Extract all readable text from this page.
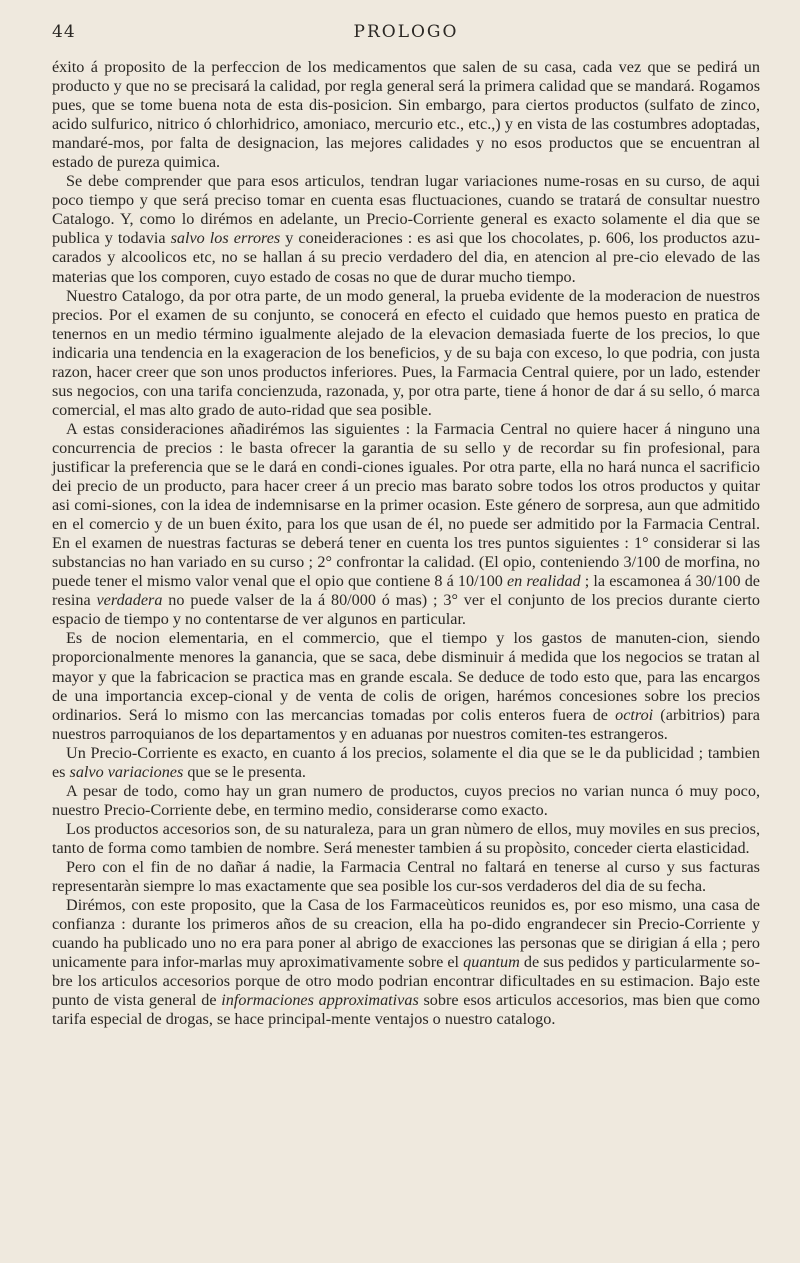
44	PROLOGO

éxito á proposito de la perfeccion de los medicamentos que salen de su casa, cada vez que se pedirá un producto y que no se precisará la calidad, por regla general será la primera calidad que se mandará. Rogamos pues, que se tome buena nota de esta dis-posicion. Sin embargo, para ciertos productos (sulfato de zinco, acido sulfurico, nitrico ó chlorhidrico, amoniaco, mercurio etc., etc.,) y en vista de las costumbres adoptadas, mandaré-mos, por falta de designacion, las mejores calidades y no esos productos que se encuentran al estado de pureza quimica.

Se debe comprender que para esos articulos, tendran lugar variaciones nume-rosas en su curso, de aqui poco tiempo y que será preciso tomar en cuenta esas fluctuaciones, cuando se tratará de consultar nuestro Catalogo. Y, como lo dirémos en adelante, un Precio-Corriente general es exacto solamente el dia que se publica y todavia salvo los errores y coneideraciones : es asi que los chocolates, p. 606, los productos azu-carados y alcoolicos etc, no se hallan á su precio verdadero del dia, en atencion al pre-cio elevado de las materias que los comporen, cuyo estado de cosas no que de durar mucho tiempo.

Nuestro Catalogo, da por otra parte, de un modo general, la prueba evidente de la moderacion de nuestros precios. Por el examen de su conjunto, se conocerá en efecto el cuidado que hemos puesto en pratica de tenernos en un medio término igualmente alejado de la elevacion demasiada fuerte de los precios, lo que indicaria una tendencia en la exageracion de los beneficios, y de su baja con exceso, lo que podria, con justa razon, hacer creer que son unos productos inferiores. Pues, la Farmacia Central quiere, por un lado, estender sus negocios, con una tarifa concienzuda, razonada, y, por otra parte, tiene á honor de dar á su sello, ó marca comercial, el mas alto grado de auto-ridad que sea posible.

A estas consideraciones añadirémos las siguientes : la Farmacia Central no quiere hacer á ninguno una concurrencia de precios : le basta ofrecer la garantia de su sello y de recordar su fin profesional, para justificar la preferencia que se le dará en condi-ciones iguales. Por otra parte, ella no hará nunca el sacrificio dei precio de un producto, para hacer creer á un precio mas barato sobre todos los otros productos y quitar asi comi-siones, con la idea de indemnisarse en la primer ocasion. Este género de sorpresa, aun que admitido en el comercio y de un buen éxito, para los que usan de él, no puede ser admitido por la Farmacia Central. En el examen de nuestras facturas se deberá tener en cuenta los tres puntos siguientes : 1° considerar si las substancias no han variado en su curso ; 2° confrontar la calidad. (El opio, conteniendo 3/100 de morfina, no puede tener el mismo valor venal que el opio que contiene 8 á 10/100 en realidad ; la escamonea á 30/100 de resina verdadera no puede valser de la á 80/000 ó mas) ; 3° ver el conjunto de los precios durante cierto espacio de tiempo y no contentarse de ver algunos en particular.

Es de nocion elementaria, en el commercio, que el tiempo y los gastos de manuten-cion, siendo proporcionalmente menores la ganancia, que se saca, debe disminuir á medida que los negocios se tratan al mayor y que la fabricacion se practica mas en grande escala. Se deduce de todo esto que, para las encargos de una importancia excep-cional y de venta de colis de origen, harémos concesiones sobre los precios ordinarios. Será lo mismo con las mercancias tomadas por colis enteros fuera de octroi (arbitrios) para nuestros parroquianos de los departamentos y en aduanas por nuestros comiten-tes estrangeros.

Un Precio-Corriente es exacto, en cuanto á los precios, solamente el dia que se le da publicidad ; tambien es salvo variaciones que se le presenta.

A pesar de todo, como hay un gran numero de productos, cuyos precios no varian nunca ó muy poco, nuestro Precio-Corriente debe, en termino medio, considerarse como exacto.

Los productos accesorios son, de su naturaleza, para un gran nùmero de ellos, muy moviles en sus precios, tanto de forma como tambien de nombre. Será menester tambien á su propòsito, conceder cierta elasticidad.

Pero con el fin de no dañar á nadie, la Farmacia Central no faltará en tenerse al curso y sus facturas representaràn siempre lo mas exactamente que sea posible los cur-sos verdaderos del dia de su fecha.

Dirémos, con este proposito, que la Casa de los Farmaceùticos reunidos es, por eso mismo, una casa de confianza : durante los primeros años de su creacion, ella ha po-dido engrandecer sin Precio-Corriente y cuando ha publicado uno no era para poner al abrigo de exacciones las personas que se dirigian á ella ; pero unicamente para infor-marlas muy aproximativamente sobre el quantum de sus pedidos y particularmente so-bre los articulos accesorios porque de otro modo podrian encontrar dificultades en su estimacion. Bajo este punto de vista general de informaciones approximativas sobre esos articulos accesorios, mas bien que como tarifa especial de drogas, se hace principal-mente ventajos o nuestro catalogo.
